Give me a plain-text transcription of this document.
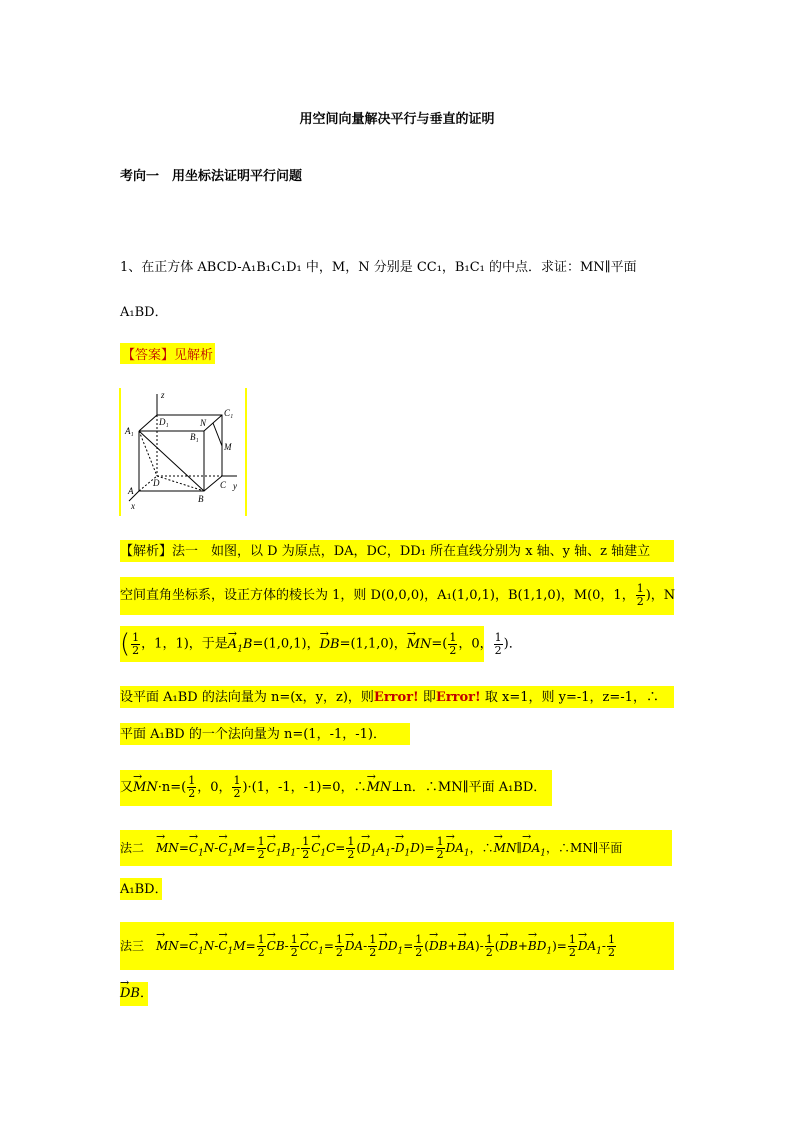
用空间向量解决平行与垂直的证明
考向一　用坐标法证明平行问题
1、在正方体 ABCD-A₁B₁C₁D₁ 中，M，N 分别是 CC₁，B₁C₁ 的中点．求证：MN∥平面
A₁BD．
【答案】见解析
z
D₁	N
C₁
A₁
B₁
M
A
D	C y
B
x
【解析】法一　如图，以 D 为原点，DA，DC，DD₁ 所在直线分别为 x 轴、y 轴、z 轴建立
空间直角坐标系，设正方体的棱长为 1，则 D(0,0,0)，A₁(1,0,1)，B(1,1,0)，M(0，1， $\frac{1}{2}$ )，N
( $\frac{1}{2}$ ，1，1)，于是→ $A_1B=(1,0,1)$，→ DB=(1,1,0)，→ $MN=( \frac{1}{2}$ ，0， $\frac{1}{2}$ )．
设平面 A₁BD 的法向量为 n=(x，y，z)，则Error! 即Error! 取 x=1，则 y=-1，z=-1，∴
平面 A₁BD 的一个法向量为 n=(1，-1，-1)．
又→ $MN\cdot n=( \frac{1}{2}$ ，0， $\frac{1}{2} )\cdot(1$，-1，-1)=0，∴→ MN⊥n．∴MN∥平面 A₁BD．
法二　→ $MN=\to C_1N-\to C_1M= \frac{1}{2}$
→ $C_1B_1- \frac{1}{2}$
→ $C_1C= \frac{1}{2}$ (→ $D_1A_1-\to D_1D)= \frac{1}{2}$
→ $DA_1$，∴→ MN∥→ $DA_1$，∴MN∥平面
A₁BD．
法三　→ $MN=\to C_1N-\to C_1M= \frac{1}{2}$
→ $CB- \frac{1}{2}$
→ $CC_1= \frac{1}{2}$
→ $DA- \frac{1}{2}$
→ $DD_1= \frac{1}{2}$ (→ $DB+\to BA)- \frac{1}{2}$ (→ $DB+\to BD_1)= \frac{1}{2}$
→ $DA_1- \frac{1}{2}$
→ DB．
